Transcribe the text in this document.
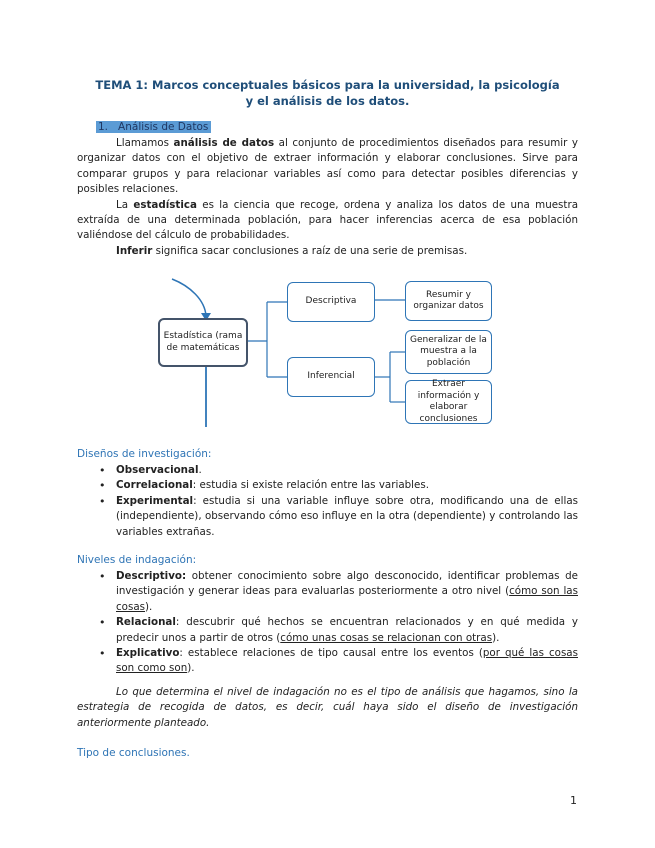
TEMA 1: Marcos conceptuales básicos para la universidad, la psicología
y el análisis de los datos.
1. Análisis de Datos
Llamamos análisis de datos al conjunto de procedimientos diseñados para resumir y organizar datos con el objetivo de extraer información y elaborar conclusiones. Sirve para comparar grupos y para relacionar variables así como para detectar posibles diferencias y posibles relaciones.
La estadística es la ciencia que recoge, ordena y analiza los datos de una muestra extraída de una determinada población, para hacer inferencias acerca de esa población valiéndose del cálculo de probabilidades.
Inferir significa sacar conclusiones a raíz de una serie de premisas.
Estadística (rama de matemáticas
Descriptiva
Inferencial
Resumir y organizar datos
Generalizar de la muestra a la población
Extraer información y elaborar conclusiones
Diseños de investigación:
• Observacional.
• Correlacional: estudia si existe relación entre las variables.
• Experimental: estudia si una variable influye sobre otra, modificando una de ellas (independiente), observando cómo eso influye en la otra (dependiente) y controlando las variables extrañas.
Niveles de indagación:
• Descriptivo: obtener conocimiento sobre algo desconocido, identificar problemas de investigación y generar ideas para evaluarlas posteriormente a otro nivel (cómo son las cosas).
• Relacional: descubrir qué hechos se encuentran relacionados y en qué medida y predecir unos a partir de otros (cómo unas cosas se relacionan con otras).
• Explicativo: establece relaciones de tipo causal entre los eventos (por qué las cosas son como son).
Lo que determina el nivel de indagación no es el tipo de análisis que hagamos, sino la estrategia de recogida de datos, es decir, cuál haya sido el diseño de investigación anteriormente planteado.
Tipo de conclusiones.
1
